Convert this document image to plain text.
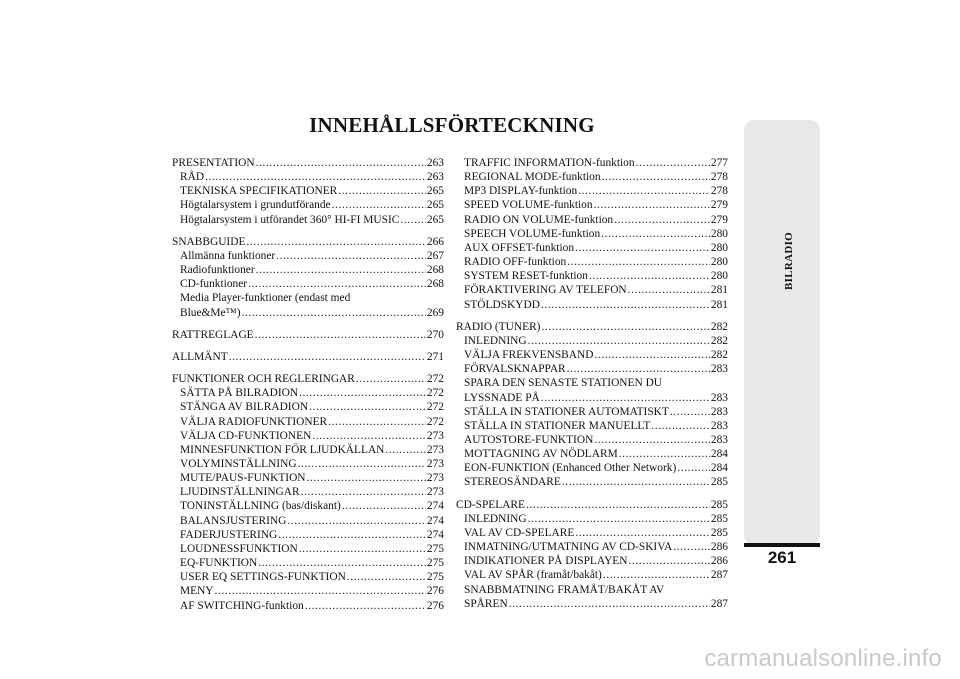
INNEHÅLLSFÖRTECKNING
PRESENTATION .....	263
RÅD .....	263
TEKNISKA SPECIFIKATIONER .....	265
Högtalarsystem i grundutförande .....	265
Högtalarsystem i utförandet 360° HI-FI MUSIC ..... 265
SNABBGUIDE .....	266
Allmänna funktioner .....	267
Radiofunktioner .....	268
CD-funktioner .....	268
Media Player-funktioner (endast med
Blue&Me™) .....	269
RATTREGLAGE .....	270
ALLMÄNT .....	271
FUNKTIONER OCH REGLERINGAR .....	272
SÄTTA PÅ BILRADION .....	272
STÄNGA AV BILRADION .....	272
VÄLJA RADIOFUNKTIONER .....	272
VÄLJA CD-FUNKTIONEN .....	273
MINNESFUNKTION FÖR LJUDKÄLLAN .....	273
VOLYMINSTÄLLNING .....	273
MUTE/PAUS-FUNKTION .....	273
LJUDINSTÄLLNINGAR .....	273
TONINSTÄLLNING (bas/diskant) .....	274
BALANSJUSTERING .....	274
FADERJUSTERING .....	274
LOUDNESSFUNKTION .....	275
EQ-FUNKTION .....	275
USER EQ SETTINGS-FUNKTION .....	275
MENY .....	276
AF SWITCHING-funktion .....	276
TRAFFIC INFORMATION-funktion .....	277
REGIONAL MODE-funktion .....	278
MP3 DISPLAY-funktion .....	278
SPEED VOLUME-funktion .....	279
RADIO ON VOLUME-funktion .....	279
SPEECH VOLUME-funktion .....	280
AUX OFFSET-funktion .....	280
RADIO OFF-funktion .....	280
SYSTEM RESET-funktion .....	280
FÖRAKTIVERING AV TELEFON .....	281
STÖLDSKYDD .....	281
RADIO (TUNER) .....	282
INLEDNING .....	282
VÄLJA FREKVENSBAND .....	282
FÖRVALSKNAPPAR .....	283
SPARA DEN SENASTE STATIONEN DU
LYSSNADE PÅ .....	283
STÄLLA IN STATIONER AUTOMATISKT .....	283
STÄLLA IN STATIONER MANUELLT .....	283
AUTOSTORE-FUNKTION .....	283
MOTTAGNING AV NÖDLARM .....	284
EON-FUNKTION (Enhanced Other Network) .....	284
STEREOSÄNDARE .....	285
CD-SPELARE .....	285
INLEDNING .....	285
VAL AV CD-SPELARE .....	285
INMATNING/UTMATNING AV CD-SKIVA .....	286
INDIKATIONER PÅ DISPLAYEN .....	286
VAL AV SPÅR (framåt/bakåt) .....	287
SNABBMATNING FRAMÅT/BAKÅT AV
SPÅREN .....	287
BILRADIO
261
carmanualsonline.info
